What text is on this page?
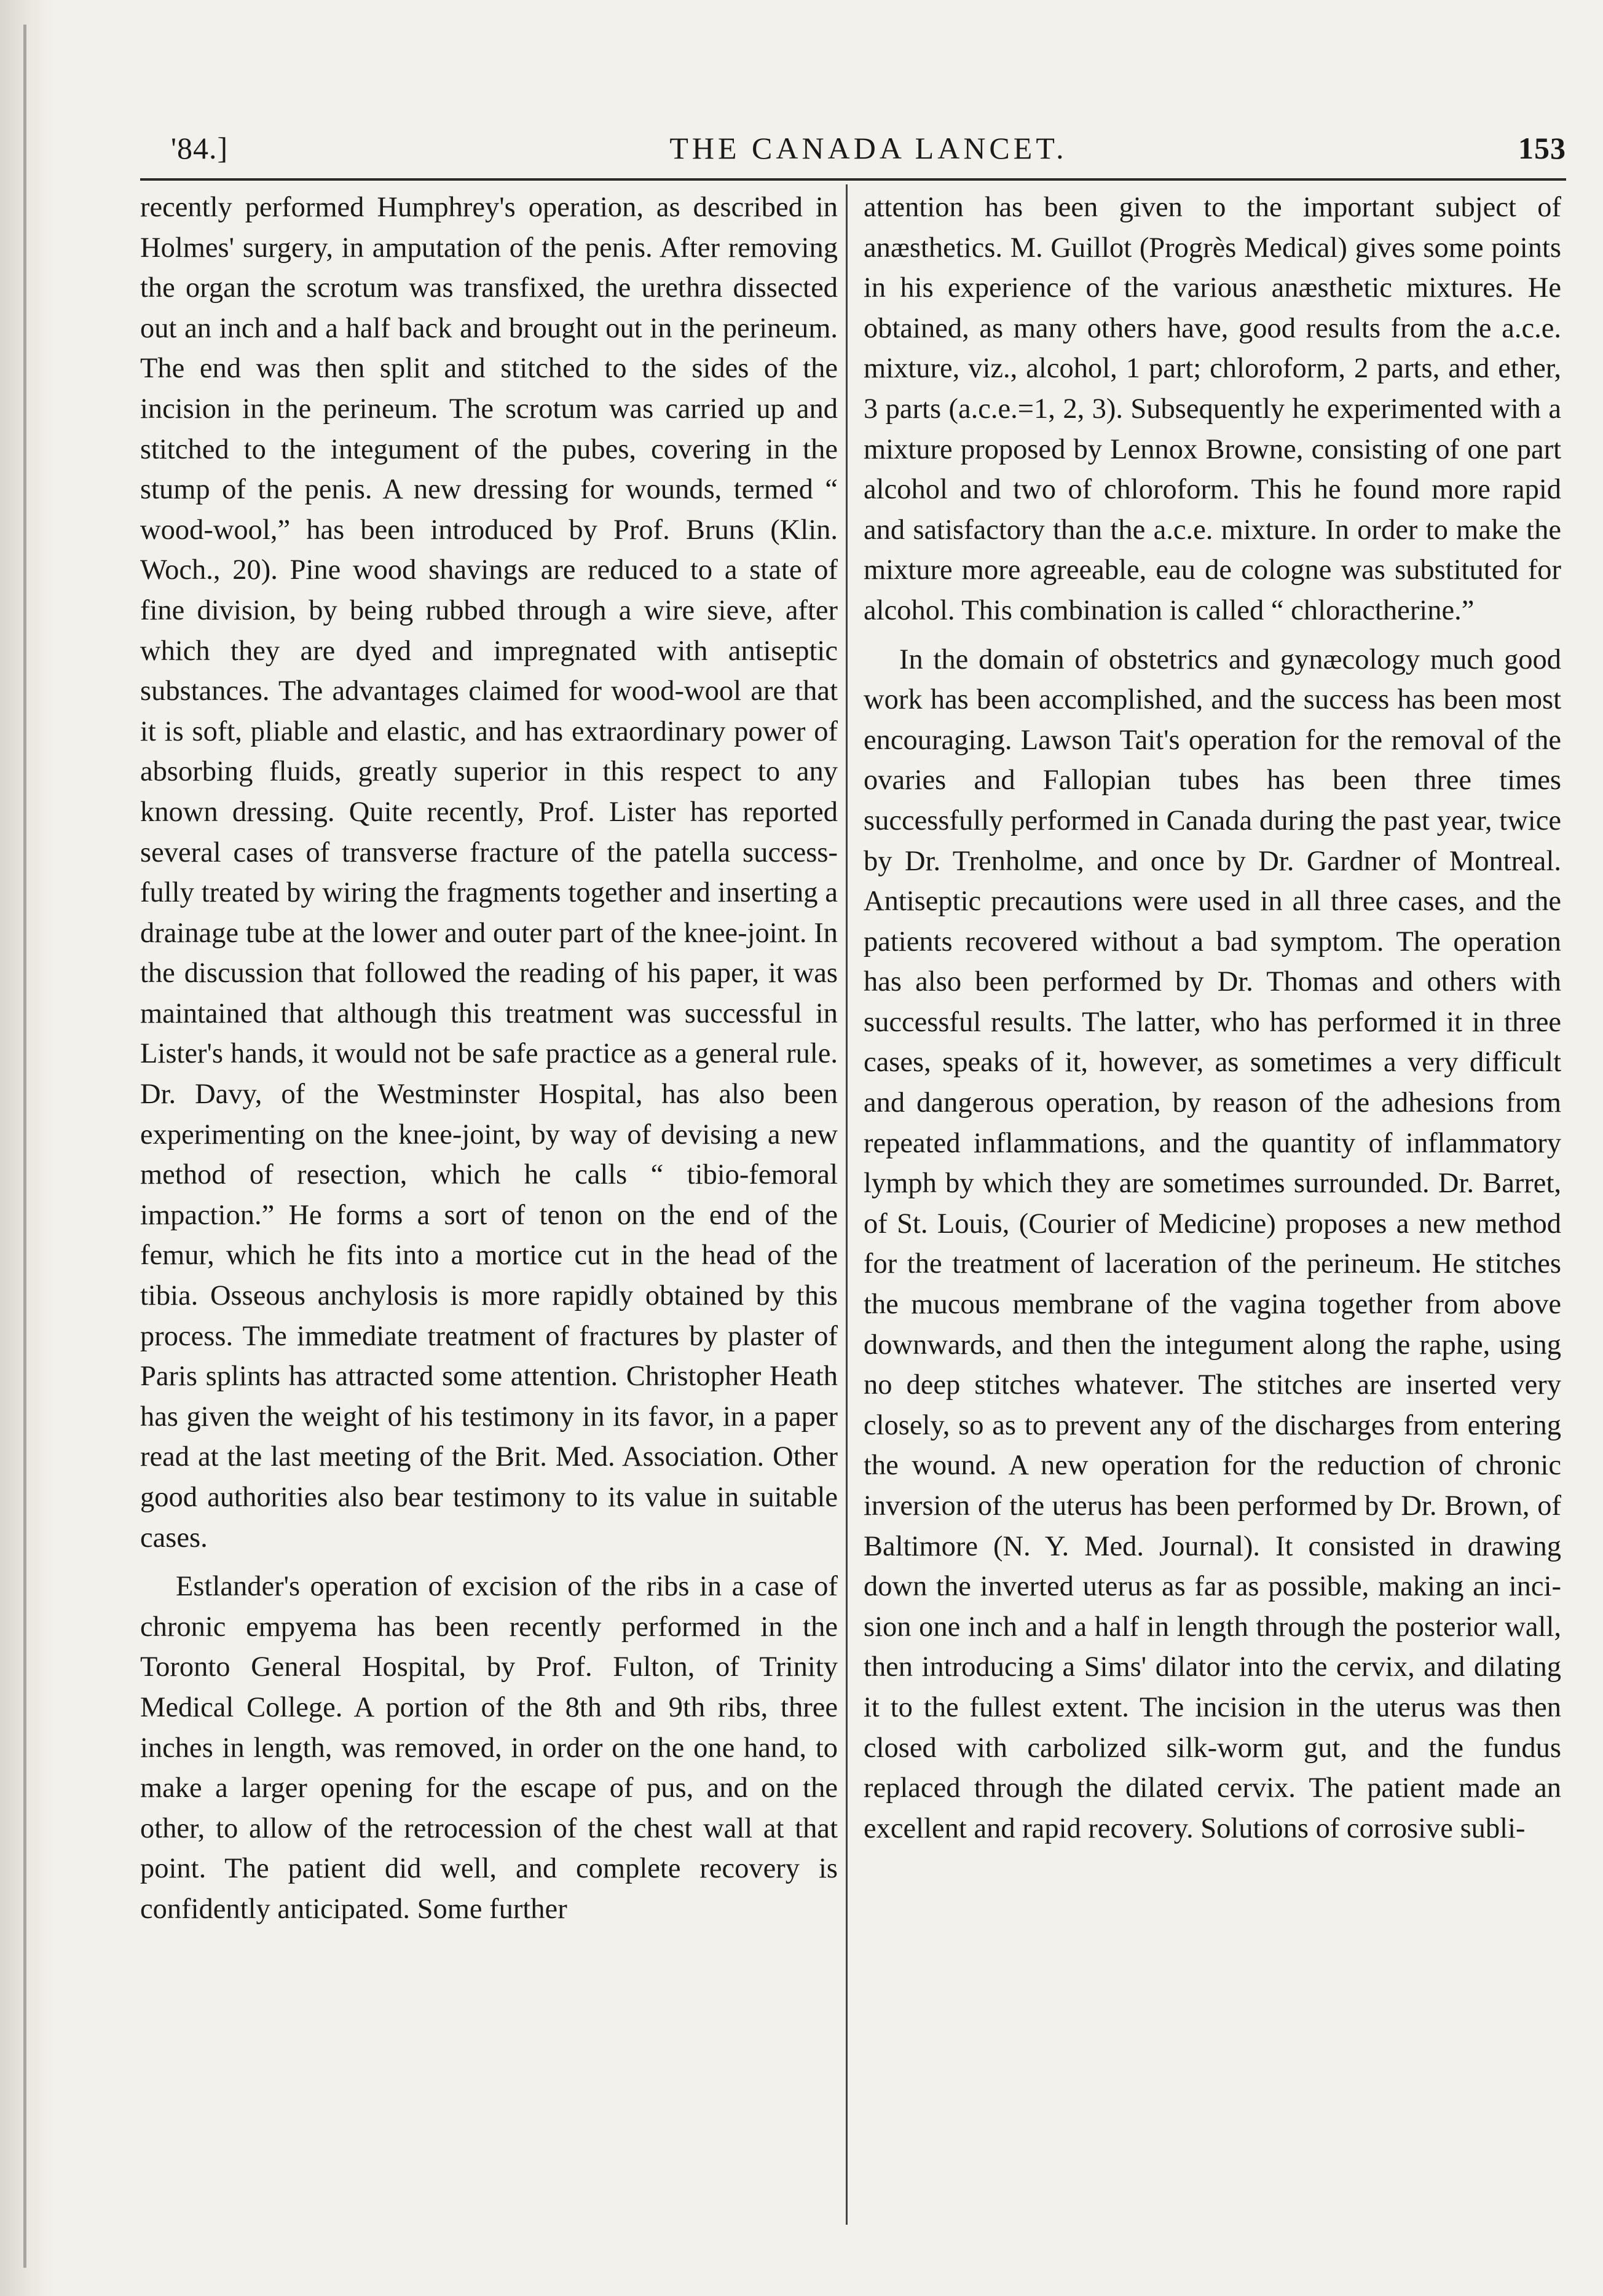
'84.]	THE CANADA LANCET.	153

recently performed Humphrey's operation, as described in Holmes' surgery, in amputation of the penis. After removing the organ the scrotum was transfixed, the urethra dissected out an inch and a half back and brought out in the perineum. The end was then split and stitched to the sides of the incision in the perineum. The scrotum was carried up and stitched to the integument of the pubes, covering in the stump of the penis. A new dressing for wounds, termed “ wood-wool,” has been introduced by Prof. Bruns (Klin. Woch., 20). Pine wood shavings are reduced to a state of fine division, by being rubbed through a wire sieve, after which they are dyed and impregnated with antiseptic substances. The advantages claimed for wood-wool are that it is soft, pliable and elastic, and has extraordinary power of absorbing fluids, greatly superior in this respect to any known dressing. Quite recently, Prof. Lister has reported several cases of transverse fracture of the patella successfully treated by wiring the fragments together and inserting a drainage tube at the lower and outer part of the knee-joint. In the discussion that followed the reading of his paper, it was maintained that although this treatment was successful in Lister's hands, it would not be safe practice as a general rule. Dr. Davy, of the Westminster Hospital, has also been experimenting on the knee-joint, by way of devising a new method of resection, which he calls “ tibio-femoral impaction.” He forms a sort of tenon on the end of the femur, which he fits into a mortice cut in the head of the tibia. Osseous anchylosis is more rapidly obtained by this process. The immediate treatment of fractures by plaster of Paris splints has attracted some attention. Christopher Heath has given the weight of his testimony in its favor, in a paper read at the last meeting of the Brit. Med. Association. Other good authorities also bear testimony to its value in suitable cases.

Estlander's operation of excision of the ribs in a case of chronic empyema has been recently performed in the Toronto General Hospital, by Prof. Fulton, of Trinity Medical College. A portion of the 8th and 9th ribs, three inches in length, was removed, in order on the one hand, to make a larger opening for the escape of pus, and on the other, to allow of the retrocession of the chest wall at that point. The patient did well, and complete recovery is confidently anticipated. Some further

attention has been given to the important subject of anæsthetics. M. Guillot (Progrès Medical) gives some points in his experience of the various anæsthetic mixtures. He obtained, as many others have, good results from the a.c.e. mixture, viz., alcohol, 1 part; chloroform, 2 parts, and ether, 3 parts (a.c.e.=1, 2, 3). Subsequently he experimented with a mixture proposed by Lennox Browne, consisting of one part alcohol and two of chloroform. This he found more rapid and satisfactory than the a.c.e. mixture. In order to make the mixture more agreeable, eau de cologne was substituted for alcohol. This combination is called “ chloractherine.”

In the domain of obstetrics and gynæcology much good work has been accomplished, and the success has been most encouraging. Lawson Tait's operation for the removal of the ovaries and Fallopian tubes has been three times successfully performed in Canada during the past year, twice by Dr. Trenholme, and once by Dr. Gardner of Montreal. Antiseptic precautions were used in all three cases, and the patients recovered without a bad symptom. The operation has also been performed by Dr. Thomas and others with successful results. The latter, who has performed it in three cases, speaks of it, however, as sometimes a very difficult and dangerous operation, by reason of the adhesions from repeated inflammations, and the quantity of inflammatory lymph by which they are sometimes surrounded. Dr. Barret, of St. Louis, (Courier of Medicine) proposes a new method for the treatment of laceration of the perineum. He stitches the mucous membrane of the vagina together from above downwards, and then the integument along the raphe, using no deep stitches whatever. The stitches are inserted very closely, so as to prevent any of the discharges from entering the wound. A new operation for the reduction of chronic inversion of the uterus has been performed by Dr. Brown, of Baltimore (N. Y. Med. Journal). It consisted in drawing down the inverted uterus as far as possible, making an incision one inch and a half in length through the posterior wall, then introducing a Sims' dilator into the cervix, and dilating it to the fullest extent. The incision in the uterus was then closed with carbolized silk-worm gut, and the fundus replaced through the dilated cervix. The patient made an excellent and rapid recovery. Solutions of corrosive subli-
